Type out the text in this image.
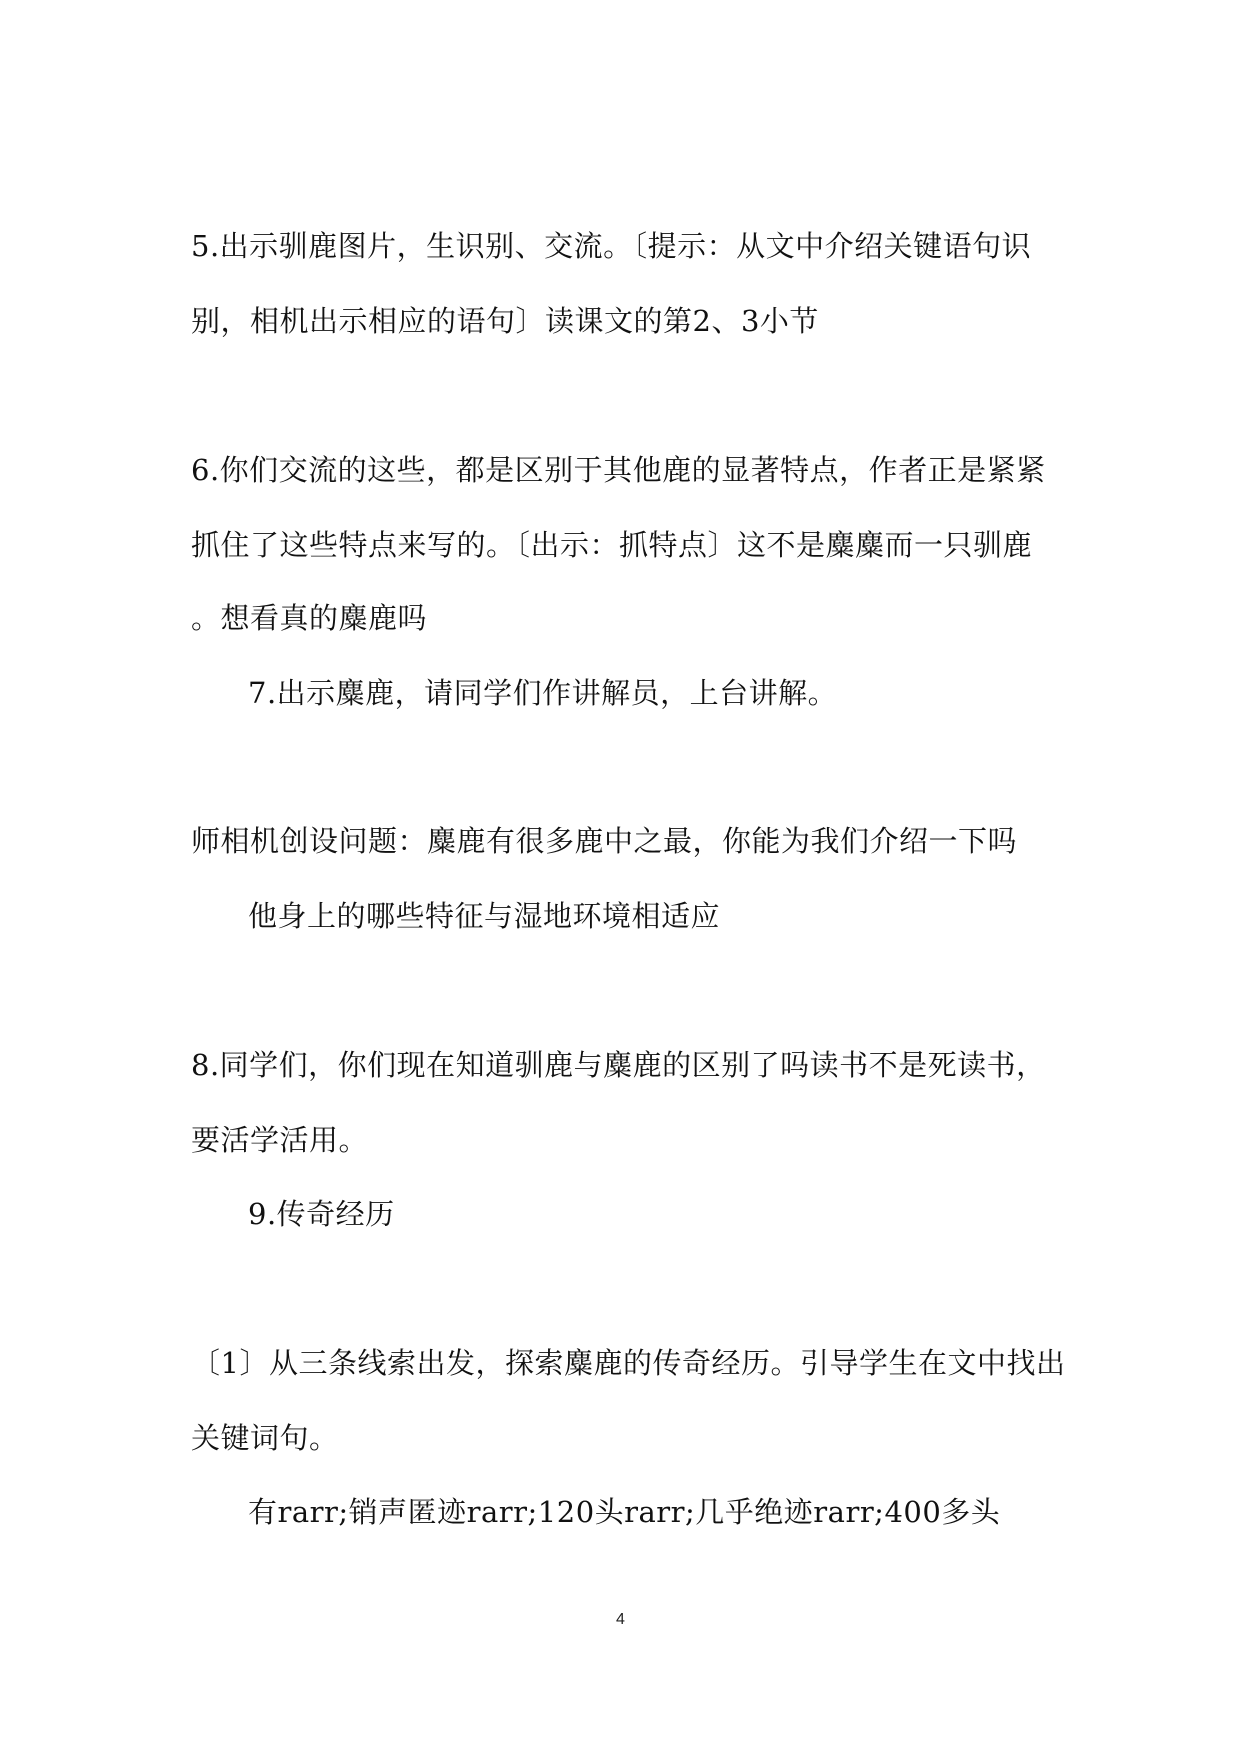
5.出示驯鹿图片，生识别、交流。〔提示：从文中介绍关键语句识

别，相机出示相应的语句〕读课文的第2、3小节

6.你们交流的这些，都是区别于其他鹿的显著特点，作者正是紧紧

抓住了这些特点来写的。〔出示：抓特点〕这不是麋麋而一只驯鹿

。想看真的麋鹿吗

7.出示麋鹿，请同学们作讲解员，上台讲解。

师相机创设问题：麋鹿有很多鹿中之最，你能为我们介绍一下吗

他身上的哪些特征与湿地环境相适应

8.同学们，你们现在知道驯鹿与麋鹿的区别了吗读书不是死读书，

要活学活用。

9.传奇经历

〔1〕从三条线索出发，探索麋鹿的传奇经历。引导学生在文中找出

关键词句。

有rarr;销声匿迹rarr;120头rarr;几乎绝迹rarr;400多头

4
